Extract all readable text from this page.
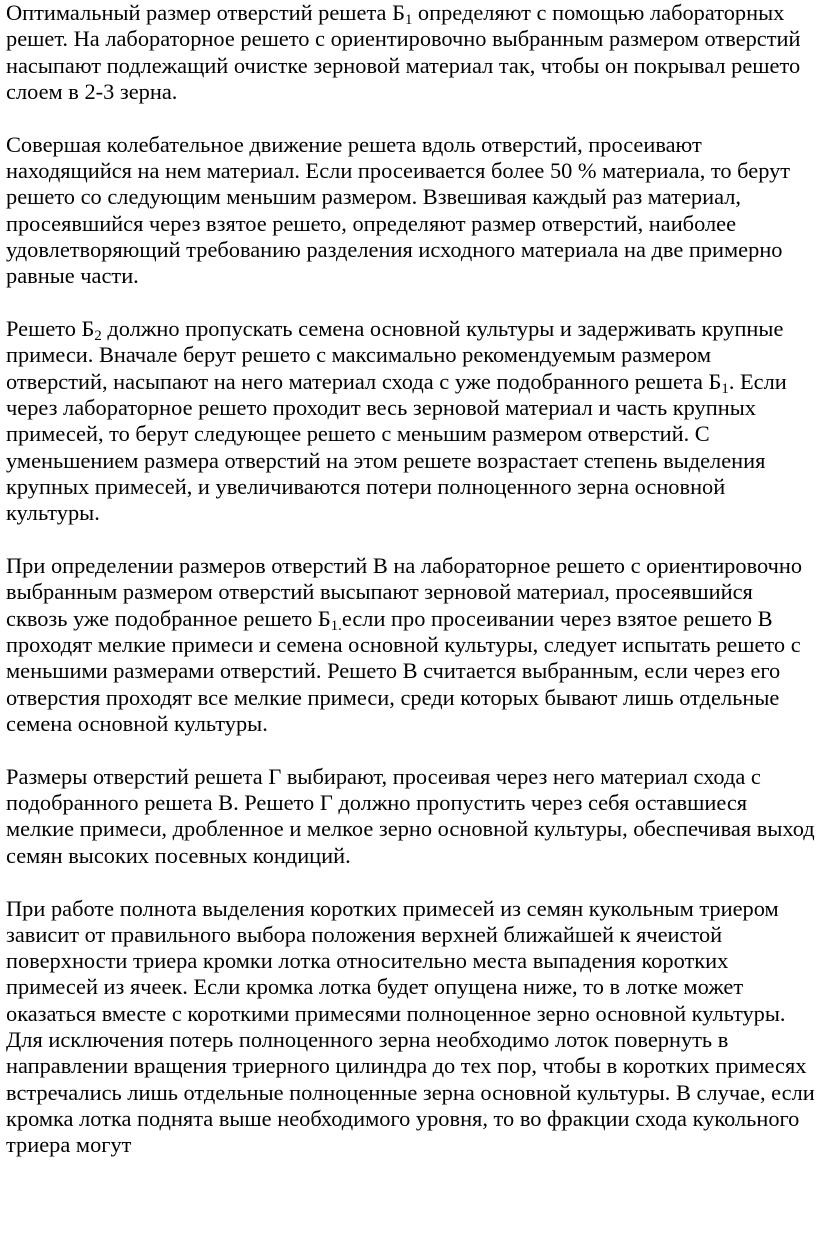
Оптимальный размер отверстий решета $Б_1$ определяют с помощью лабораторных решет. На лабораторное решето с ориентировочно выбранным размером отверстий насыпают подлежащий очистке зерновой материал так, чтобы он покрывал решето слоем в 2-3 зерна.

Совершая колебательное движение решета вдоль отверстий, просеивают находящийся на нем материал. Если просеивается более 50 % материала, то берут решето со следующим меньшим размером. Взвешивая каждый раз материал, просеявшийся через взятое решето, определяют размер отверстий, наиболее удовлетворяющий требованию разделения исходного материала на две примерно равные части.

Решето $Б_2$ должно пропускать семена основной культуры и задерживать крупные примеси. Вначале берут решето с максимально рекомендуемым размером отверстий, насыпают на него материал схода с уже подобранного решета $Б_1$. Если через лабораторное решето проходит весь зерновой материал и часть крупных примесей, то берут следующее решето с меньшим размером отверстий. С уменьшением размера отверстий на этом решете возрастает степень выделения крупных примесей, и увеличиваются потери полноценного зерна основной культуры.

При определении размеров отверстий В на лабораторное решето с ориентировочно выбранным размером отверстий высыпают зерновой материал, просеявшийся сквозь уже подобранное решето $Б_{1.}если$ про просеивании через взятое решето В проходят мелкие примеси и семена основной культуры, следует испытать решето с меньшими размерами отверстий. Решето В считается выбранным, если через его отверстия проходят все мелкие примеси, среди которых бывают лишь отдельные семена основной культуры.

Размеры отверстий решета Г выбирают, просеивая через него материал схода с подобранного решета В. Решето Г должно пропустить через себя оставшиеся мелкие примеси, дробленное и мелкое зерно основной культуры, обеспечивая выход семян высоких посевных кондиций.

При работе полнота выделения коротких примесей из семян кукольным триером зависит от правильного выбора положения верхней ближайшей к ячеистой поверхности триера кромки лотка относительно места выпадения коротких примесей из ячеек. Если кромка лотка будет опущена ниже, то в лотке может оказаться вместе с короткими примесями полноценное зерно основной культуры. Для исключения потерь полноценного зерна необходимо лоток повернуть в направлении вращения триерного цилиндра до тех пор, чтобы в коротких примесях встречались лишь отдельные полноценные зерна основной культуры. В случае, если кромка лотка поднята выше необходимого уровня, то во фракции схода кукольного триера могут
